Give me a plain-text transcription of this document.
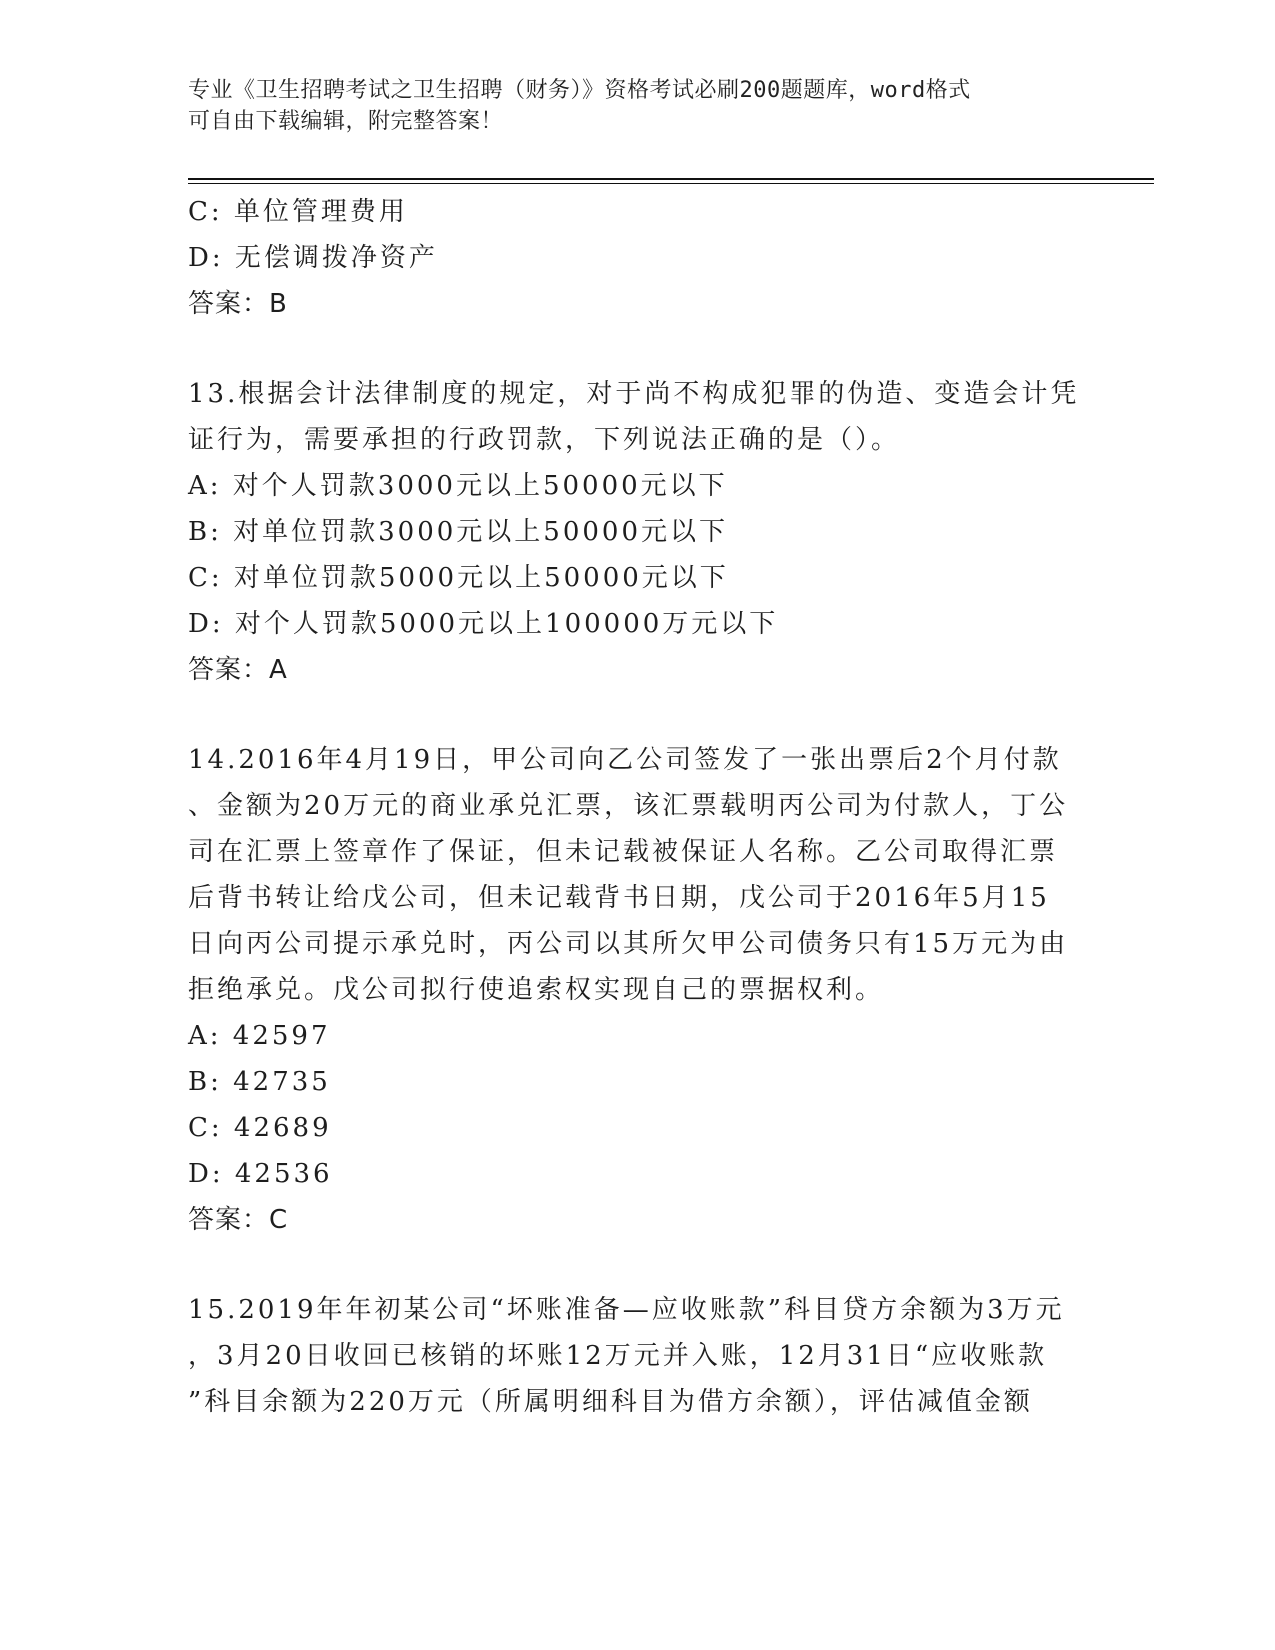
专业《卫生招聘考试之卫生招聘（财务）》资格考试必刷200题题库，word格式
可自由下载编辑，附完整答案！
C: 单位管理费用
D: 无偿调拨净资产
答案：B
13.根据会计法律制度的规定，对于尚不构成犯罪的伪造、变造会计凭
证行为，需要承担的行政罚款，下列说法正确的是（）。
A: 对个人罚款3000元以上50000元以下
B: 对单位罚款3000元以上50000元以下
C: 对单位罚款5000元以上50000元以下
D: 对个人罚款5000元以上100000万元以下
答案：A
14.2016年4月19日，甲公司向乙公司签发了一张出票后2个月付款
、金额为20万元的商业承兑汇票，该汇票载明丙公司为付款人，丁公
司在汇票上签章作了保证，但未记载被保证人名称。乙公司取得汇票
后背书转让给戊公司，但未记载背书日期，戊公司于2016年5月15
日向丙公司提示承兑时，丙公司以其所欠甲公司债务只有15万元为由
拒绝承兑。戊公司拟行使追索权实现自己的票据权利。
A: 42597
B: 42735
C: 42689
D: 42536
答案：C
15.2019年年初某公司“坏账准备—应收账款”科目贷方余额为3万元
，3月20日收回已核销的坏账12万元并入账，12月31日“应收账款
”科目余额为220万元（所属明细科目为借方余额），评估减值金额
